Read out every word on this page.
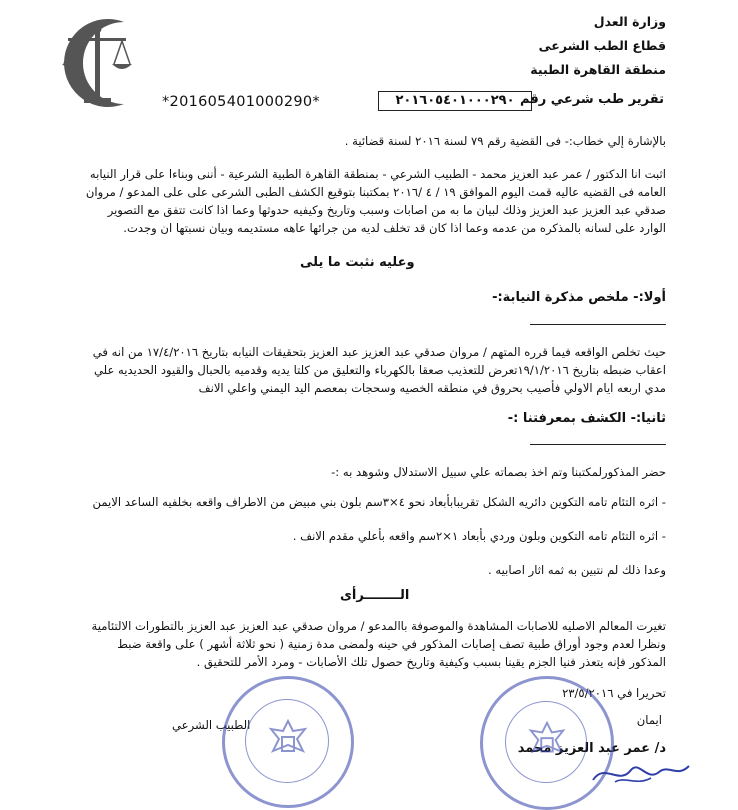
وزارة العدل
قطاع الطب الشرعى
منطقة القاهرة الطبية
*201605401000290*	٢٠١٦٠٥٤٠١٠٠٠٢٩٠ تقرير طب شرعي رقم
بالإشارة إلي خطاب:- فى القضية رقم ٧٩ لسنة ٢٠١٦ لسنة قضائية .
اثبت انا الدكتور / عمر عبد العزيز محمد - الطبيب الشرعي - بمنطقة القاهرة الطبية الشرعية - أننى وبناءا على قرار النيابه
العامه فى القضيه عاليه قمت اليوم الموافق ١٩ / ٤ /٢٠١٦ بمكتبنا بتوقيع الكشف الطبى الشرعى على على المدعو / مروان
صدقي عبد العزيز عبد العزيز وذلك لبيان ما به من اصابات وسبب وتاريخ وكيفيه حدوثها وعما اذا كانت تتفق مع التصوير
الوارد على لسانه بالمذكره من عدمه وعما اذا كان قد تخلف لديه من جرائها عاهه مستديمه وبيان نسبتها ان وجدت.
وعليه نثبت ما يلى
أولا:- ملخص مذكرة النيابة:-
حيث تخلص الواقعه فيما قرره المتهم / مروان صدقي عبد العزيز عبد العزيز بتحقيقات النيابه بتاريخ ١٧/٤/٢٠١٦ من انه في
اعقاب ضبطه بتاريخ ١٩/١/٢٠١٦تعرض للتعذيب صعقا بالكهرباء والتعليق من كلتا يديه وقدميه بالحبال والقيود الحديديه علي
مدي اربعه ايام الاولي فأصيب بحروق في منطقه الخصيه وسحجات بمعصم اليد اليمني واعلي الانف
ثانيا:- الكشف بمعرفتنا :-
حضر المذكورلمكتبنا وتم اخذ بصماته علي سبيل الاستدلال وشوهد به :-
- اثره التئام تامه التكوين دائريه الشكل تقريبابأبعاد نحو ٤×٣سم بلون بني مبيض من الاطراف واقعه بخلفيه الساعد الايمن
- اثره التئام تامه التكوين وبلون وردي بأبعاد ١×٢سم واقعه بأعلي مقدم الانف .
وعدا ذلك لم نتبين به ثمه اثار اصابيه .
الــــــــرأى
تغيرت المعالم الاصليه للاصابات المشاهدة والموصوفة باالمدعو / مروان صدقي عبد العزيز عبد العزيز بالتطورات الالتئامية
ونظرا لعدم وجود أوراق طبية تصف إصابات المذكور في حينه ولمضى مدة زمنية ( نحو ثلاثة أشهر ) على واقعة ضبط
المذكور فإنه يتعذر فنيا الجزم يقينا بسبب وكيفية وتاريخ حصول تلك الأصابات - ومرد الأمر للتحقيق .
تحريرا في ٢٣/٥/٢٠١٦
ايمان
الطبيب الشرعي
د/ عمر عبد العزيز محمد
